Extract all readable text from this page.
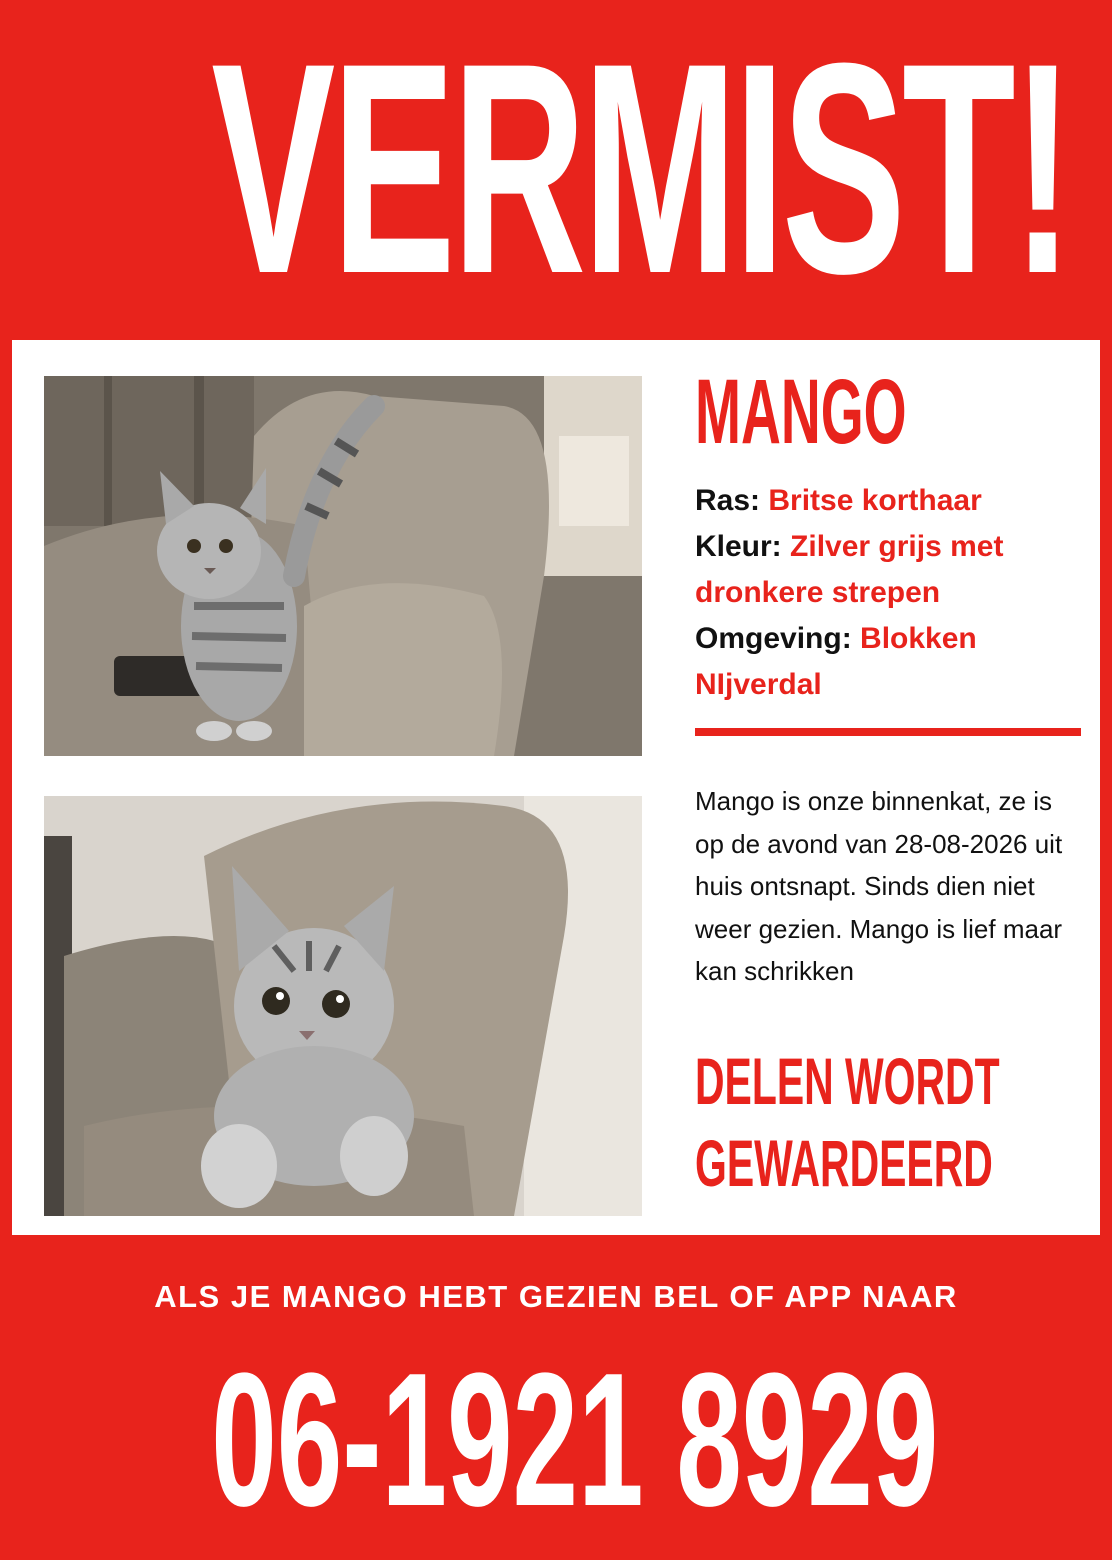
VERMIST!
MANGO
Ras: Britse korthaar
Kleur: Zilver grijs met dronkere strepen
Omgeving: Blokken NIjverdal
Mango is onze binnenkat, ze is op de avond van 28-08-2026 uit huis ontsnapt. Sinds dien niet weer gezien. Mango is lief maar kan schrikken
DELEN WORDT
GEWARDEERD
ALS JE MANGO HEBT GEZIEN BEL OF APP NAAR
06-1921 8929
